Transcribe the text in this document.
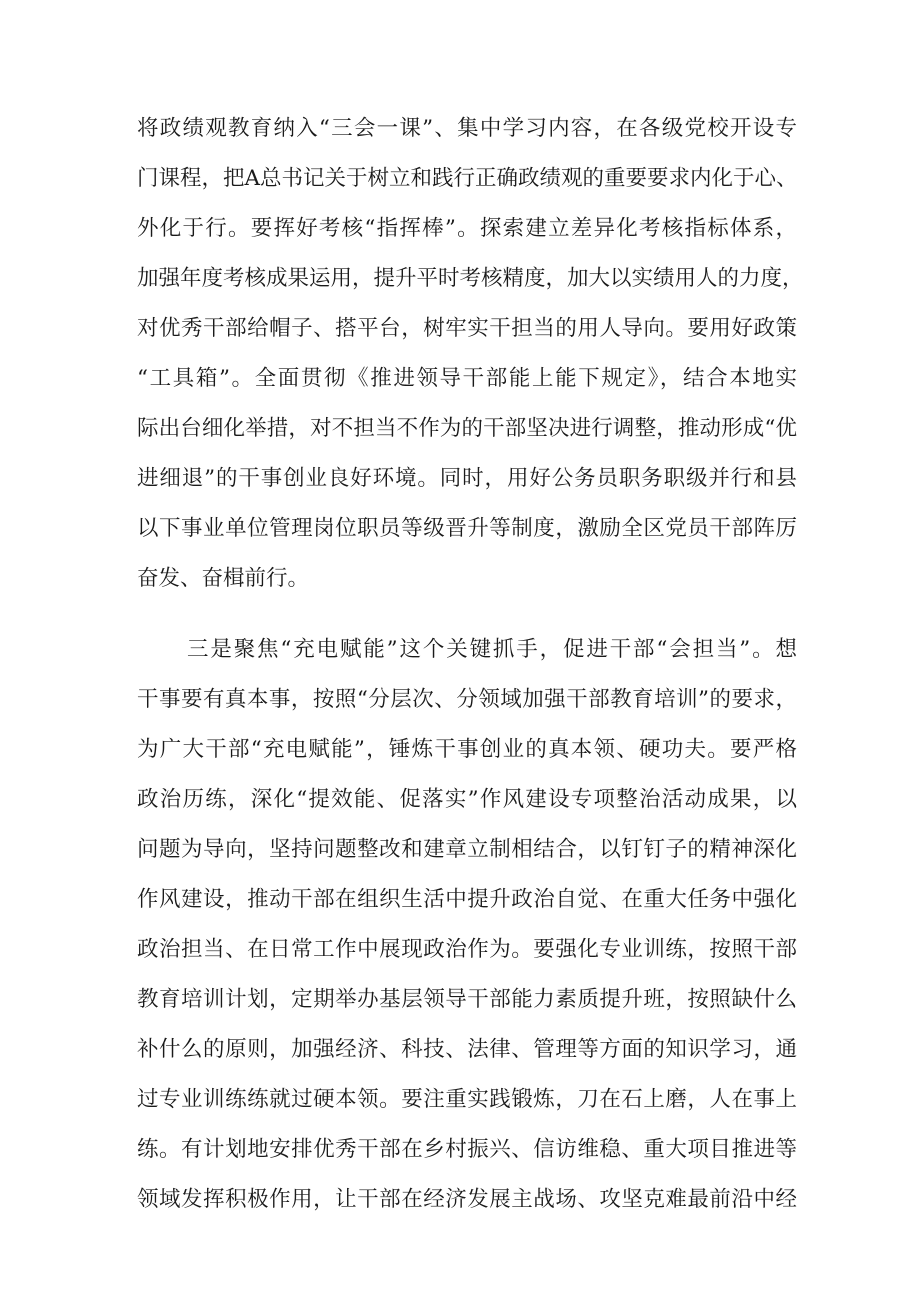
将政绩观教育纳入“三会一课”、集中学习内容，在各级党校开设专
门课程，把A总书记关于树立和践行正确政绩观的重要要求内化于心、
外化于行。要挥好考核“指挥棒”。探索建立差异化考核指标体系，
加强年度考核成果运用，提升平时考核精度，加大以实绩用人的力度，
对优秀干部给帽子、搭平台，树牢实干担当的用人导向。要用好政策
“工具箱”。全面贯彻《推进领导干部能上能下规定》，结合本地实
际出台细化举措，对不担当不作为的干部坚决进行调整，推动形成“优
进细退”的干事创业良好环境。同时，用好公务员职务职级并行和县
以下事业单位管理岗位职员等级晋升等制度，激励全区党员干部阵厉
奋发、奋楫前行。
三是聚焦“充电赋能”这个关键抓手，促进干部“会担当”。想
干事要有真本事，按照“分层次、分领域加强干部教育培训”的要求，
为广大干部“充电赋能”，锤炼干事创业的真本领、硬功夫。要严格
政治历练，深化“提效能、促落实”作风建设专项整治活动成果，以
问题为导向，坚持问题整改和建章立制相结合，以钉钉子的精神深化
作风建设，推动干部在组织生活中提升政治自觉、在重大任务中强化
政治担当、在日常工作中展现政治作为。要强化专业训练，按照干部
教育培训计划，定期举办基层领导干部能力素质提升班，按照缺什么
补什么的原则，加强经济、科技、法律、管理等方面的知识学习，通
过专业训练练就过硬本领。要注重实践锻炼，刀在石上磨，人在事上
练。有计划地安排优秀干部在乡村振兴、信访维稳、重大项目推进等
领域发挥积极作用，让干部在经济发展主战场、攻坚克难最前沿中经
